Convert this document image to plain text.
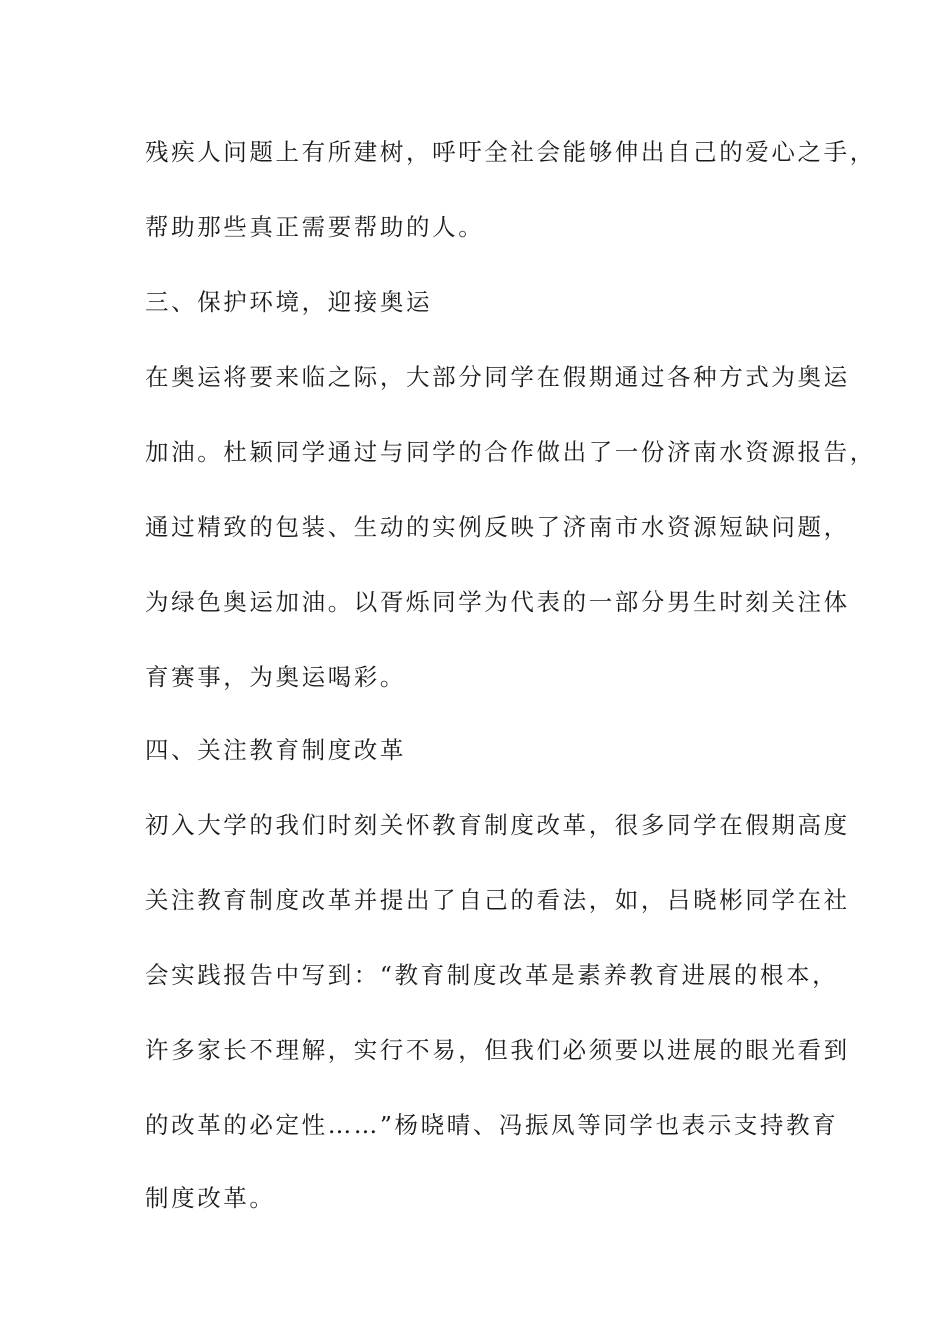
残疾人问题上有所建树，呼吁全社会能够伸出自己的爱心之手，
帮助那些真正需要帮助的人。
三、保护环境，迎接奥运
在奥运将要来临之际，大部分同学在假期通过各种方式为奥运
加油。杜颖同学通过与同学的合作做出了一份济南水资源报告，
通过精致的包装、生动的实例反映了济南市水资源短缺问题，
为绿色奥运加油。以胥烁同学为代表的一部分男生时刻关注体
育赛事，为奥运喝彩。
四、关注教育制度改革
初入大学的我们时刻关怀教育制度改革，很多同学在假期高度
关注教育制度改革并提出了自己的看法，如，吕晓彬同学在社
会实践报告中写到：“教育制度改革是素养教育进展的根本，
许多家长不理解，实行不易，但我们必须要以进展的眼光看到
的改革的必定性……”杨晓晴、冯振凤等同学也表示支持教育
制度改革。
